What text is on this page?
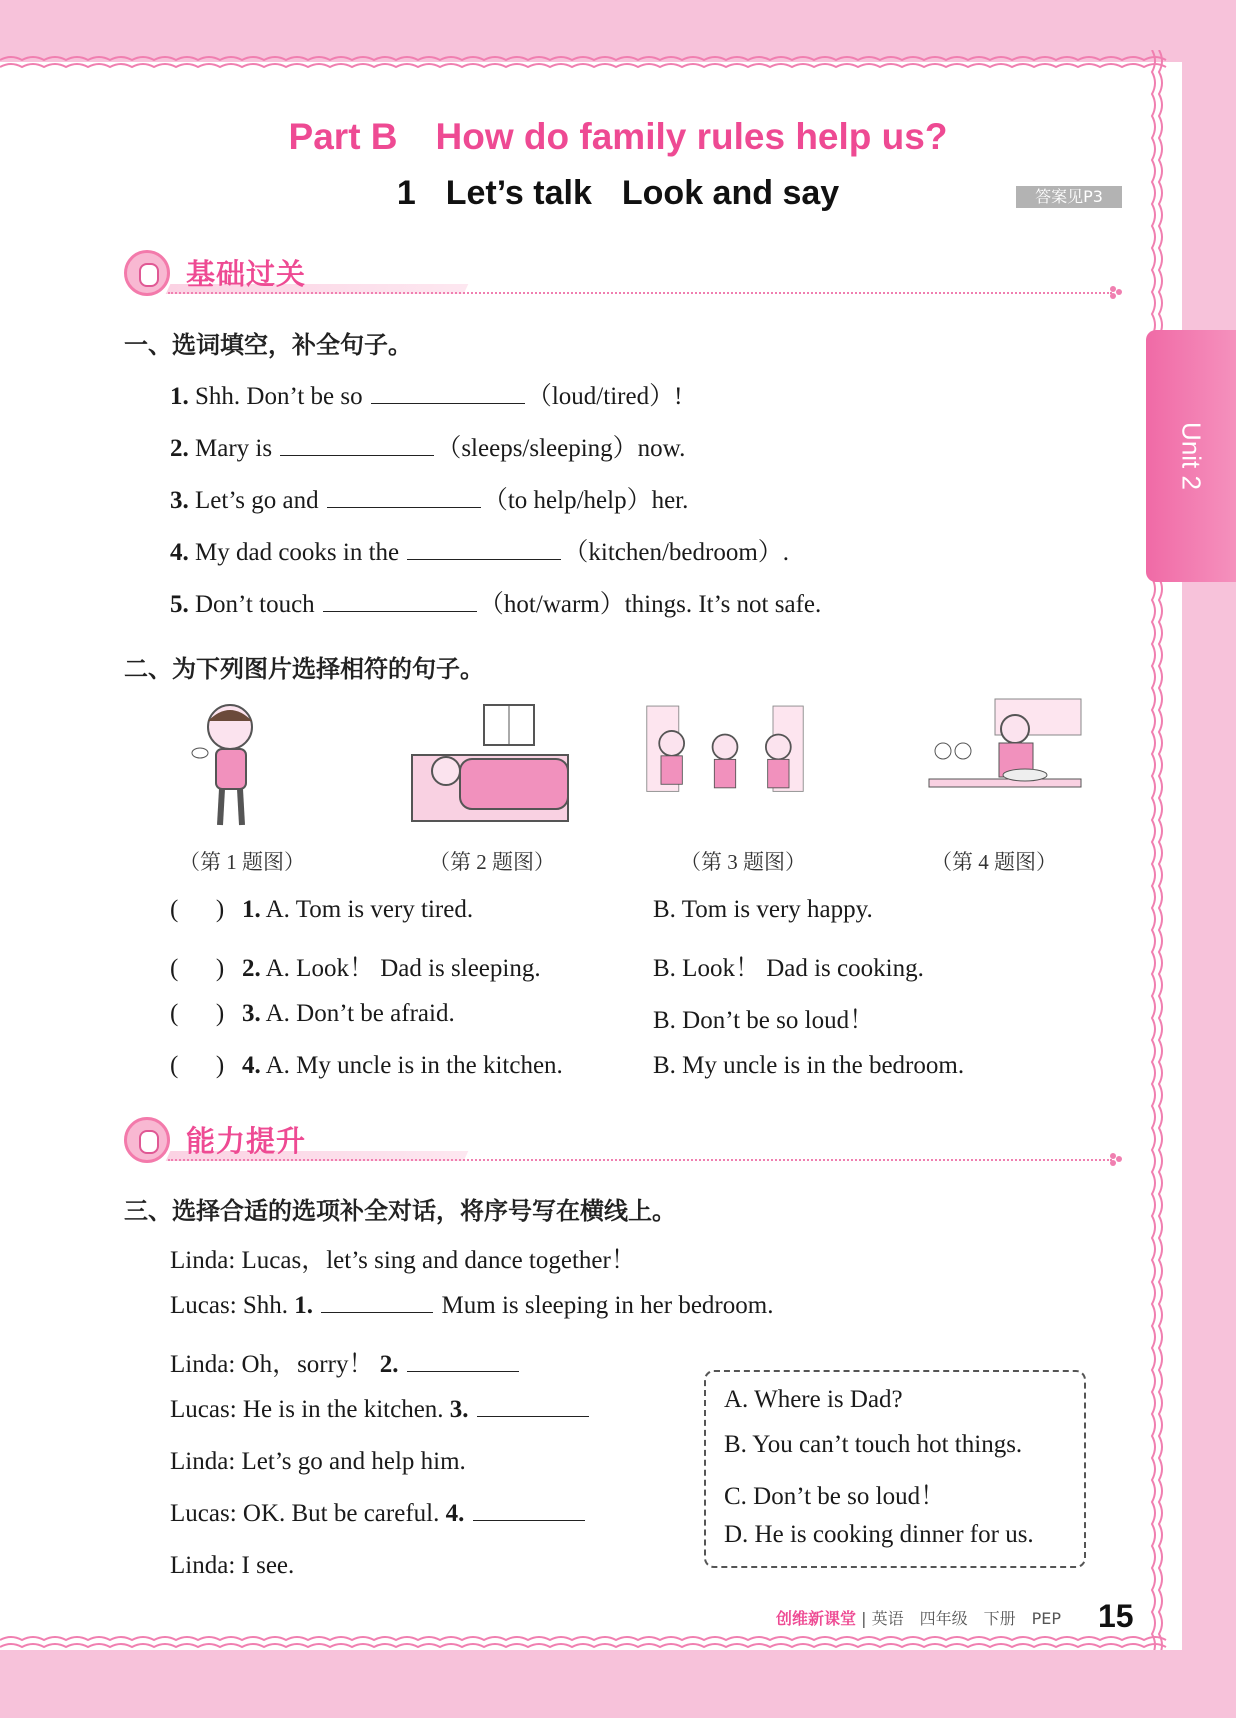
Unit 2
Part B How do family rules help us?
1 Let’s talk Look and say	答案见P3
基础过关
一、选词填空，补全句子。
1. Shh. Don’t be so	（loud/tired）!
2. Mary is	（sleeps/sleeping）now.
3. Let’s go and	（to help/help）her.
4. My dad cooks in the	（kitchen/bedroom）.
5. Don’t touch	（hot/warm）things. It’s not safe.
二、为下列图片选择相符的句子。
（第 1 题图）	（第 2 题图）	（第 3 题图）	（第 4 题图）
(      ) 1. A. Tom is very tired.	B. Tom is very happy.
(      ) 2. A. Look！ Dad is sleeping.	B. Look！ Dad is cooking.
(      ) 3. A. Don’t be afraid.	B. Don’t be so loud！
(      ) 4. A. My uncle is in the kitchen.	B. My uncle is in the bedroom.
能力提升
三、选择合适的选项补全对话，将序号写在横线上。
Linda: Lucas，let’s sing and dance together！
Lucas: Shh. 1.	Mum is sleeping in her bedroom.
Linda: Oh，sorry！ 2.
Lucas: He is in the kitchen. 3.
Linda: Let’s go and help him.
Lucas: OK. But be careful. 4.
Linda: I see.
A. Where is Dad?
B. You can’t touch hot things.
C. Don’t be so loud！
D. He is cooking dinner for us.
创维新课堂 | 英语　四年级　下册　PEP 15
